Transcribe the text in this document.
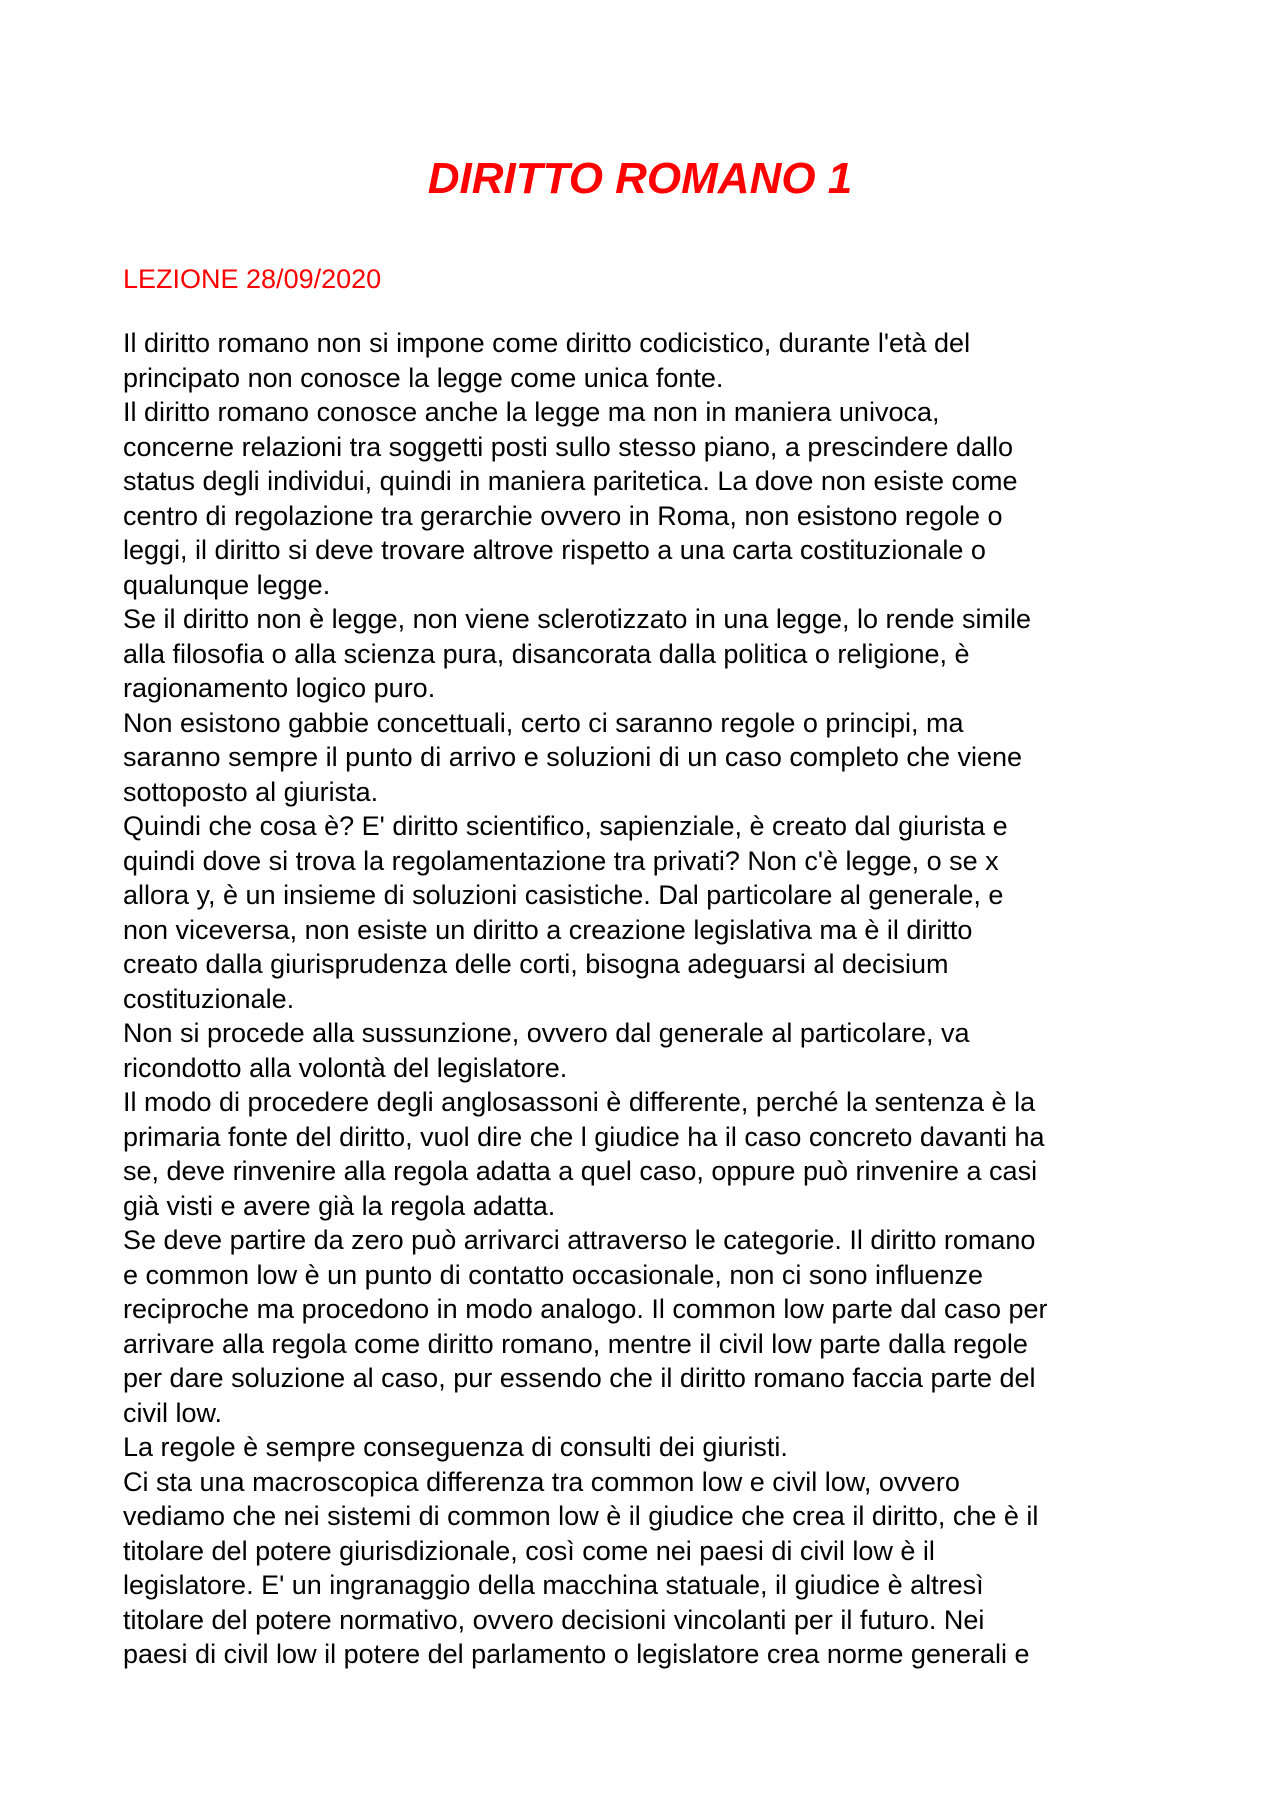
DIRITTO ROMANO 1

LEZIONE 28/09/2020

Il diritto romano non si impone come diritto codicistico, durante l'età del
principato non conosce la legge come unica fonte.

Il diritto romano conosce anche la legge ma non in maniera univoca,
concerne relazioni tra soggetti posti sullo stesso piano, a prescindere dallo
status degli individui, quindi in maniera paritetica. La dove non esiste come
centro di regolazione tra gerarchie ovvero in Roma, non esistono regole o
leggi, il diritto si deve trovare altrove rispetto a una carta costituzionale o
qualunque legge.

Se il diritto non è legge, non viene sclerotizzato in una legge, lo rende simile
alla filosofia o alla scienza pura, disancorata dalla politica o religione, è
ragionamento logico puro.

Non esistono gabbie concettuali, certo ci saranno regole o principi, ma
saranno sempre il punto di arrivo e soluzioni di un caso completo che viene
sottoposto al giurista.

Quindi che cosa è? E' diritto scientifico, sapienziale, è creato dal giurista e
quindi dove si trova la regolamentazione tra privati? Non c'è legge, o se x
allora y, è un insieme di soluzioni casistiche. Dal particolare al generale, e
non viceversa, non esiste un diritto a creazione legislativa ma è il diritto
creato dalla giurisprudenza delle corti, bisogna adeguarsi al decisium
costituzionale.

Non si procede alla sussunzione, ovvero dal generale al particolare, va
ricondotto alla volontà del legislatore.

Il modo di procedere degli anglosassoni è differente, perché la sentenza è la
primaria fonte del diritto, vuol dire che l giudice ha il caso concreto davanti ha
se, deve rinvenire alla regola adatta a quel caso, oppure può rinvenire a casi
già visti e avere già la regola adatta.

Se deve partire da zero può arrivarci attraverso le categorie. Il diritto romano
e common low è un punto di contatto occasionale, non ci sono influenze
reciproche ma procedono in modo analogo. Il common low parte dal caso per
arrivare alla regola come diritto romano, mentre il civil low parte dalla regole
per dare soluzione al caso, pur essendo che il diritto romano faccia parte del
civil low.

La regole è sempre conseguenza di consulti dei giuristi.

Ci sta una macroscopica differenza tra common low e civil low, ovvero
vediamo che nei sistemi di common low è il giudice che crea il diritto, che è il
titolare del potere giurisdizionale, così come nei paesi di civil low è il
legislatore. E' un ingranaggio della macchina statuale, il giudice è altresì
titolare del potere normativo, ovvero decisioni vincolanti per il futuro. Nei
paesi di civil low il potere del parlamento o legislatore crea norme generali e
